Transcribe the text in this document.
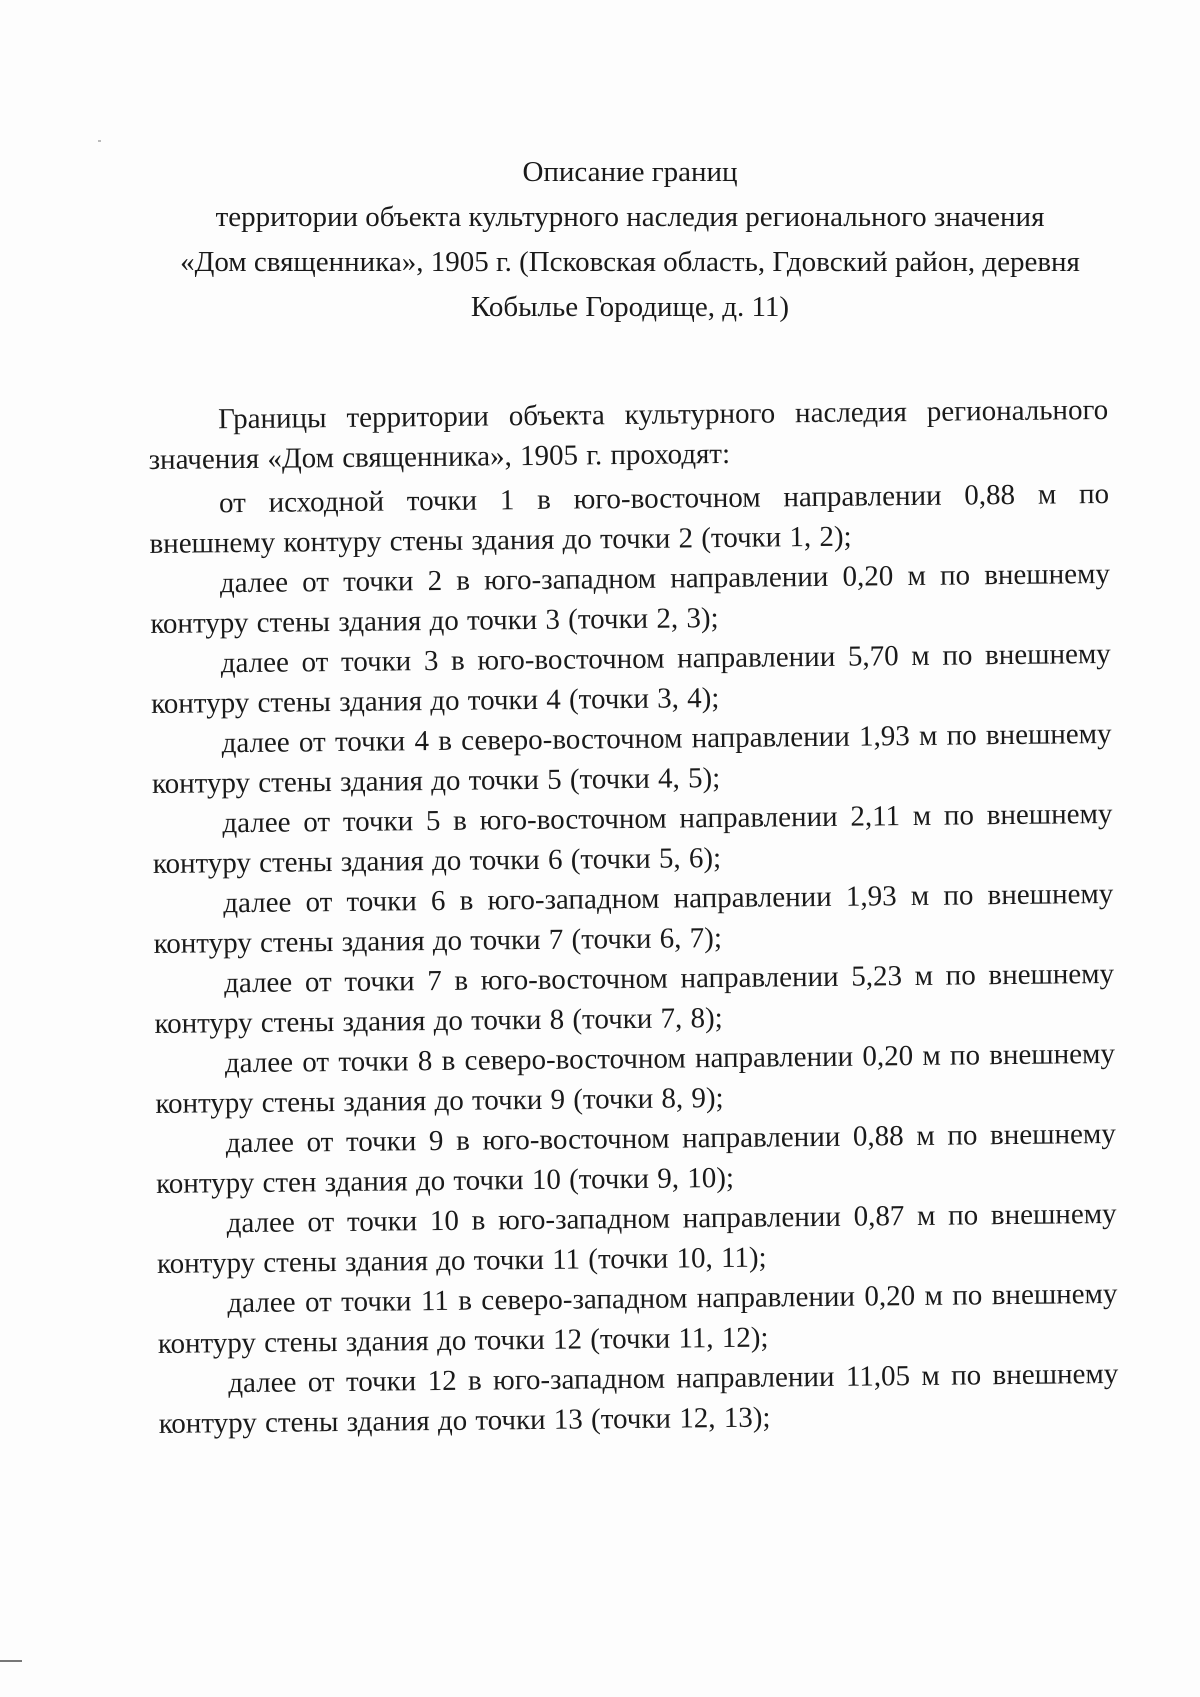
Описание границ
территории объекта культурного наследия регионального значения
«Дом священника», 1905 г. (Псковская область, Гдовский район, деревня
Кобылье Городище, д. 11)

Границы территории объекта культурного наследия регионального значения «Дом священника», 1905 г. проходят:

от исходной точки 1 в юго-восточном направлении 0,88 м по внешнему контуру стены здания до точки 2 (точки 1, 2);

далее от точки 2 в юго-западном направлении 0,20 м по внешнему контуру стены здания до точки 3 (точки 2, 3);

далее от точки 3 в юго-восточном направлении 5,70 м по внешнему контуру стены здания до точки 4 (точки 3, 4);

далее от точки 4 в северо-восточном направлении 1,93 м по внешнему контуру стены здания до точки 5 (точки 4, 5);

далее от точки 5 в юго-восточном направлении 2,11 м по внешнему контуру стены здания до точки 6 (точки 5, 6);

далее от точки 6 в юго-западном направлении 1,93 м по внешнему контуру стены здания до точки 7 (точки 6, 7);

далее от точки 7 в юго-восточном направлении 5,23 м по внешнему контуру стены здания до точки 8 (точки 7, 8);

далее от точки 8 в северо-восточном направлении 0,20 м по внешнему контуру стены здания до точки 9 (точки 8, 9);

далее от точки 9 в юго-восточном направлении 0,88 м по внешнему контуру стен здания до точки 10 (точки 9, 10);

далее от точки 10 в юго-западном направлении 0,87 м по внешнему контуру стены здания до точки 11 (точки 10, 11);

далее от точки 11 в северо-западном направлении 0,20 м по внешнему контуру стены здания до точки 12 (точки 11, 12);

далее от точки 12 в юго-западном направлении 11,05 м по внешнему контуру стены здания до точки 13 (точки 12, 13);
